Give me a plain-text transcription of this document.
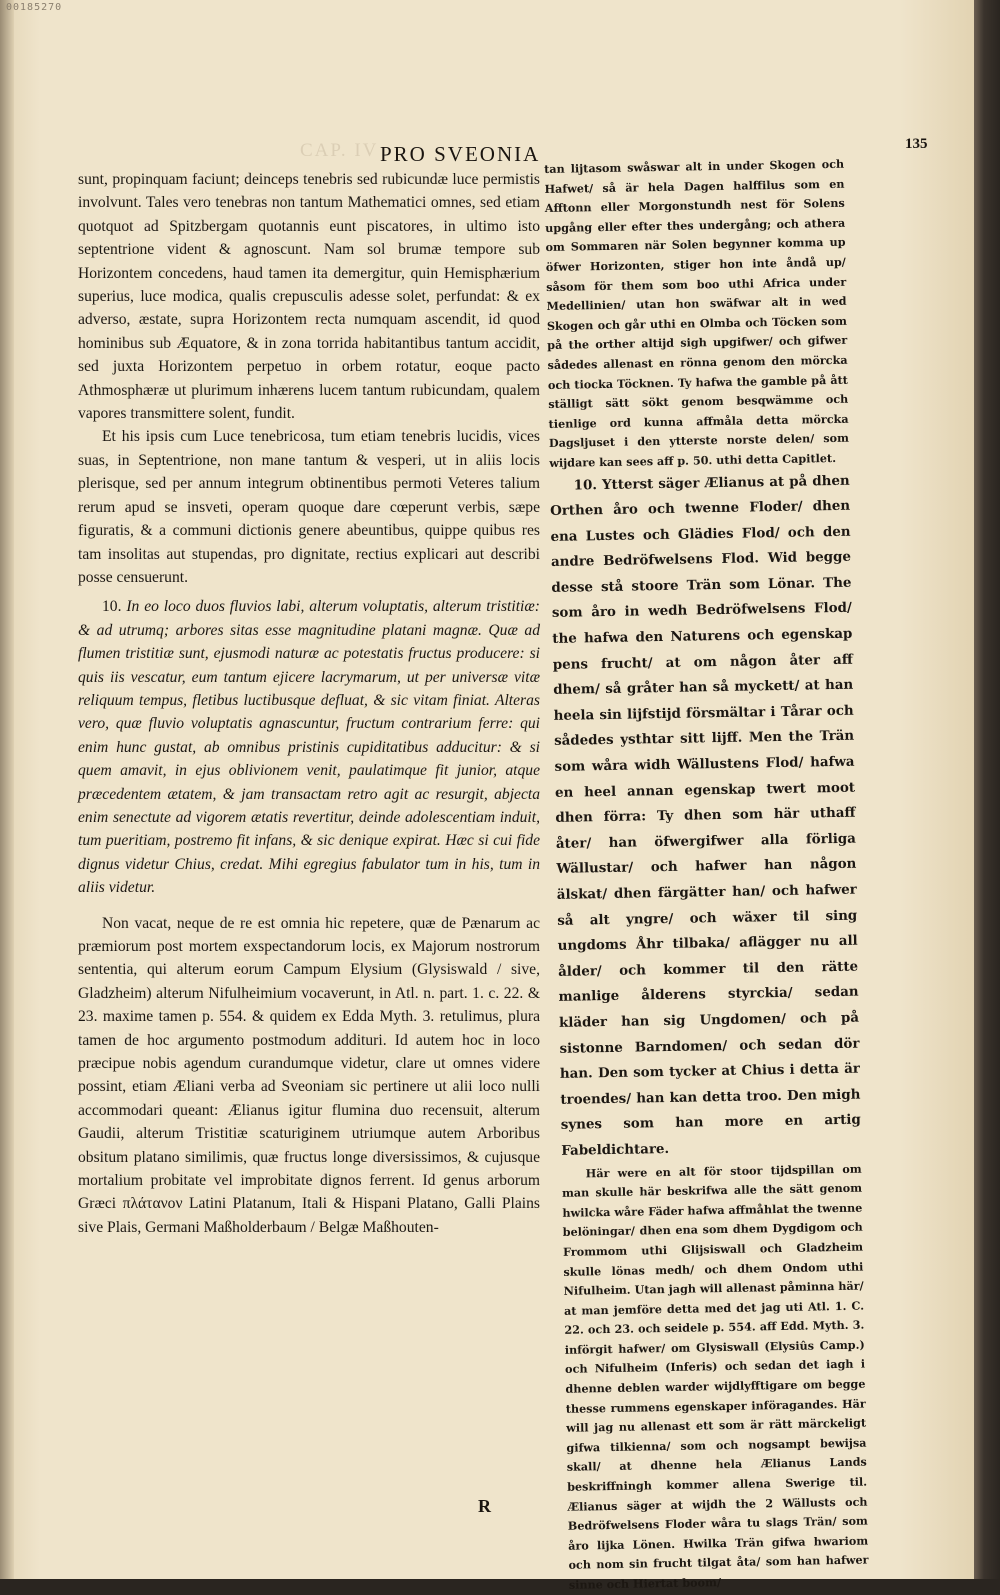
00185270
CAP. IV PRO SVEONIA	135

sunt, propinquam faciunt; deinceps tenebris sed rubicundæ luce permistis involvunt. Tales vero tenebras non tantum Mathematici omnes, sed etiam quotquot ad Spitzbergam quotannis eunt piscatores, in ultimo isto septentrione vident & agnoscunt. Nam sol brumæ tempore sub Horizontem concedens, haud tamen ita demergitur, quin Hemisphærium superius, luce modica, qualis crepusculis adesse solet, perfundat: & ex adverso, æstate, supra Horizontem recta numquam ascendit, id quod hominibus sub Æquatore, & in zona torrida habitantibus tantum accidit, sed juxta Horizontem perpetuo in orbem rotatur, eoque pacto Athmosphæræ ut plurimum inhærens lucem tantum rubicundam, qualem vapores transmittere solent, fundit.

Et his ipsis cum Luce tenebricosa, tum etiam tenebris lucidis, vices suas, in Septentrione, non mane tantum & vesperi, ut in aliis locis plerisque, sed per annum integrum obtinentibus permoti Veteres talium rerum apud se insveti, operam quoque dare cœperunt verbis, sæpe figuratis, & a communi dictionis genere abeuntibus, quippe quibus res tam insolitas aut stupendas, pro dignitate, rectius explicari aut describi posse censuerunt.

10. In eo loco duos fluvios labi, alterum voluptatis, alterum tristitiæ: & ad utrumq; arbores sitas esse magnitudine platani magnæ. Quæ ad flumen tristitiæ sunt, ejusmodi naturæ ac potestatis fructus producere: si quis iis vescatur, eum tantum ejicere lacrymarum, ut per universæ vitæ reliquum tempus, fletibus luctibusque defluat, & sic vitam finiat. Alteras vero, quæ fluvio voluptatis agnascuntur, fructum contrarium ferre: qui enim hunc gustat, ab omnibus pristinis cupiditatibus adducitur: & si quem amavit, in ejus oblivionem venit, paulatimque fit junior, atque præcedentem ætatem, & jam transactam retro agit ac resurgit, abjecta enim senectute ad vigorem ætatis revertitur, deinde adolescentiam induit, tum pueritiam, postremo fit infans, & sic denique expirat. Hæc si cui fide dignus videtur Chius, credat. Mihi egregius fabulator tum in his, tum in aliis videtur.

Non vacat, neque de re est omnia hic repetere, quæ de Pænarum ac præmiorum post mortem exspectandorum locis, ex Majorum nostrorum sententia, qui alterum eorum Campum Elysium (Glysiswald / sive, Gladzheim) alterum Nifulheimium vocaverunt, in Atl. n. part. 1. c. 22. & 23. maxime tamen p. 554. & quidem ex Edda Myth. 3. retulimus, plura tamen de hoc argumento postmodum addituri. Id autem hoc in loco præcipue nobis agendum curandumque videtur, clare ut omnes videre possint, etiam Æliani verba ad Sveoniam sic pertinere ut alii loco nulli accommodari queant: Ælianus igitur flumina duo recensuit, alterum Gaudii, alterum Tristitiæ scaturiginem utriumque autem Arboribus obsitum platano similimis, quæ fructus longe diversissimos, & cujusque mortalium probitate vel improbitate dignos ferrent. Id genus arborum Græci πλάτανον Latini Platanum, Itali & Hispani Platano, Galli Plains sive Plais, Germani Maßholderbaum / Belgæ Maßhouten-

tan lijtasom swåswar alt in under Skogen och Hafwet/ så är hela Dagen halffilus som en Afftonn eller Morgonstundh nest för Solens upgång eller efter thes undergång; och athera om Sommaren när Solen begynner komma up öfwer Horizonten, stiger hon inte åndå up/ såsom för them som boo uthi Africa under Medellinien/ utan hon swäfwar alt in wed Skogen och går uthi en Olmba och Töcken som på the orther altijd sigh upgifwer/ och gifwer sådedes allenast en rönna genom den mörcka och tiocka Töcknen. Ty hafwa the gamble på ått ställigt sätt sökt genom besqwämme och tienlige ord kunna affmåla detta mörcka Dagsljuset i den ytterste norste delen/ som wijdare kan sees aff p. 50. uthi detta Capitlet.

10. Ytterst säger Ælianus at på dhen Orthen åro och twenne Floder/ dhen ena Lustes och Glädies Flod/ och den andre Bedröfwelsens Flod. Wid begge desse stå stoore Trän som Lönar. The som åro in wedh Bedröfwelsens Flod/ the hafwa den Naturens och egenskap pens frucht/ at om någon åter aff dhem/ så gråter han så myckett/ at han heela sin lijfstijd försmältar i Tårar och sådedes ysthtar sitt lijff. Men the Trän som wåra widh Wällustens Flod/ hafwa en heel annan egenskap twert moot dhen förra: Ty dhen som här uthaff åter/ han öfwergifwer alla förliga Wällustar/ och hafwer han någon älskat/ dhen färgätter han/ och hafwer så alt yngre/ och wäxer til sing ungdoms Åhr tilbaka/ aflägger nu all ålder/ och kommer til den rätte manlige ålderens styrckia/ sedan kläder han sig Ungdomen/ och på sistonne Barndomen/ och sedan dör han. Den som tycker at Chius i detta är troendes/ han kan detta troo. Den migh synes som han more en artig Fabeldichtare.

Här were en alt för stoor tijdspillan om man skulle här beskrifwa alle the sätt genom hwilcka wåre Fäder hafwa affmåhlat the twenne belöningar/ dhen ena som dhem Dygdigom och Frommom uthi Glijsiswall och Gladzheim skulle lönas medh/ och dhem Ondom uthi Nifulheim. Utan jagh will allenast påminna här/ at man jemföre detta med det jag uti Atl. 1. C. 22. och 23. och seidele p. 554. aff Edd. Myth. 3. införgit hafwer/ om Glysiswall (Elysiûs Camp.) och Nifulheim (Inferis) och sedan det iagh i dhenne deblen warder wijdlyfftigare om begge thesse rummens egenskaper införagandes. Här will jag nu allenast ett som är rätt märckeligt gifwa tilkienna/ som och nogsampt bewijsa skall/ at dhenne hela Ælianus Lands beskriffningh kommer allena Swerige til. Ælianus säger at wijdh the 2 Wällusts och Bedröfwelsens Floder wåra tu slags Trän/ som åro lijka Lönen. Hwilka Trän gifwa hwariom och nom sin frucht tilgat åta/ som han hafwer sinne och Hiertat boom/

R
